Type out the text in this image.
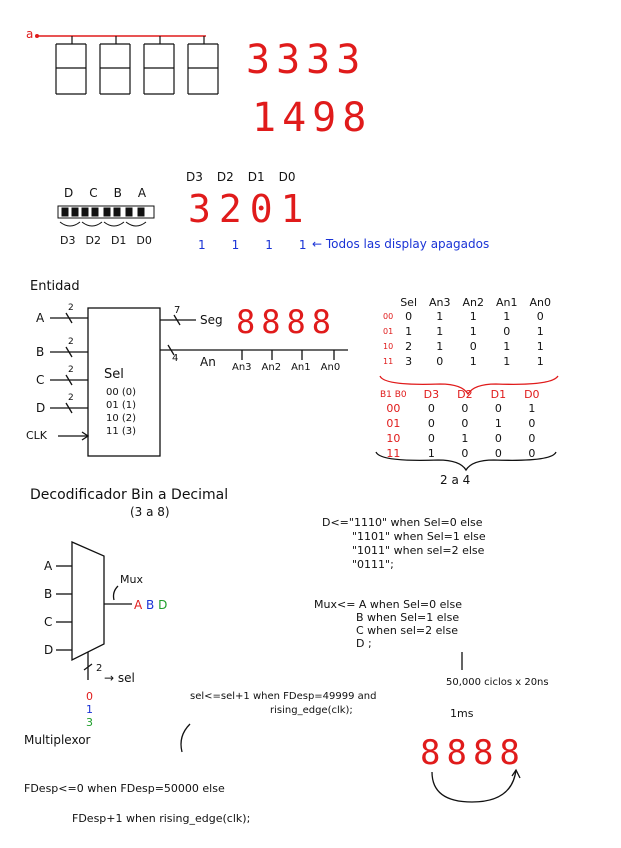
3333
1498
a
D3 D2 D1 D0
3201
1 1 1 1 ← Todos las display apagados
D C B A
D3 D2 D1 D0
Entidad
A
B
C
D
CLK
2
2
2
2
Sel
00 (0)
01 (1)
10 (2)
11 (3)
7
Seg
4 An An3 An2 An1 An0
8888
	Sel	An3	An2	An1	An0
00	0	1	1	1	0
01	1	1	1	0	1
10	2	1	0	1	1
11	3	0	1	1	1
B1 B0	D3	D2	D1	D0
00	0	0	0	1
01	0	0	1	0
10	0	1	0	0
11	1	0	0	0
2 a 4
Decodificador Bin a Decimal
(3 a 8)
D<="1110" when Sel=0 else
"1101" when Sel=1 else
"1011" when sel=2 else
"0111";
A
B
C
D
Mux
A B D
2
→ sel
0
1
3
Multiplexor
Mux<= A when Sel=0 else
B when Sel=1 else
C when sel=2 else
D ;
50,000 ciclos x 20ns
1ms
8888
sel<=sel+1 when FDesp=49999 and
rising_edge(clk);
FDesp<=0 when FDesp=50000 else
FDesp+1 when rising_edge(clk);
